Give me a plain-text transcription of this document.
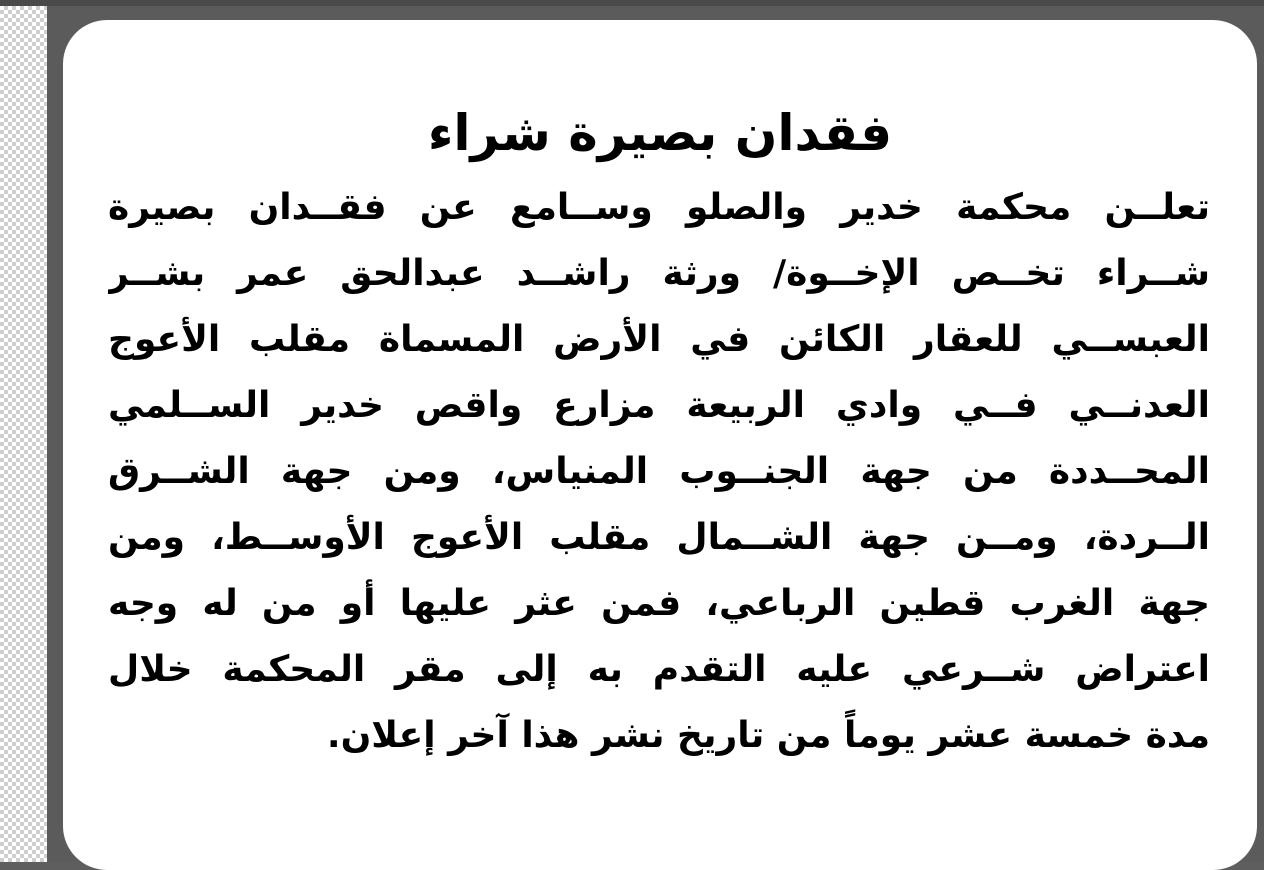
فقدان بصيرة شراء
تعلــن محكمة خدير والصلو وســامع عن فقــدان بصيرة
شــراء تخــص الإخــوة/ ورثة راشــد عبدالحق عمر بشــر
العبســي للعقار الكائن في الأرض المسماة مقلب الأعوج
العدنــي فــي وادي الربيعة مزارع واقص خدير الســلمي
المحــددة من جهة الجنــوب المنياس، ومن جهة الشــرق
الــردة، ومــن جهة الشــمال مقلب الأعوج الأوســط، ومن
جهة الغرب قطين الرباعي، فمن عثر عليها أو من له وجه
اعتراض شــرعي عليه التقدم به إلى مقر المحكمة خلال
مدة خمسة عشر يوماً من تاريخ نشر هذا آخر إعلان.
